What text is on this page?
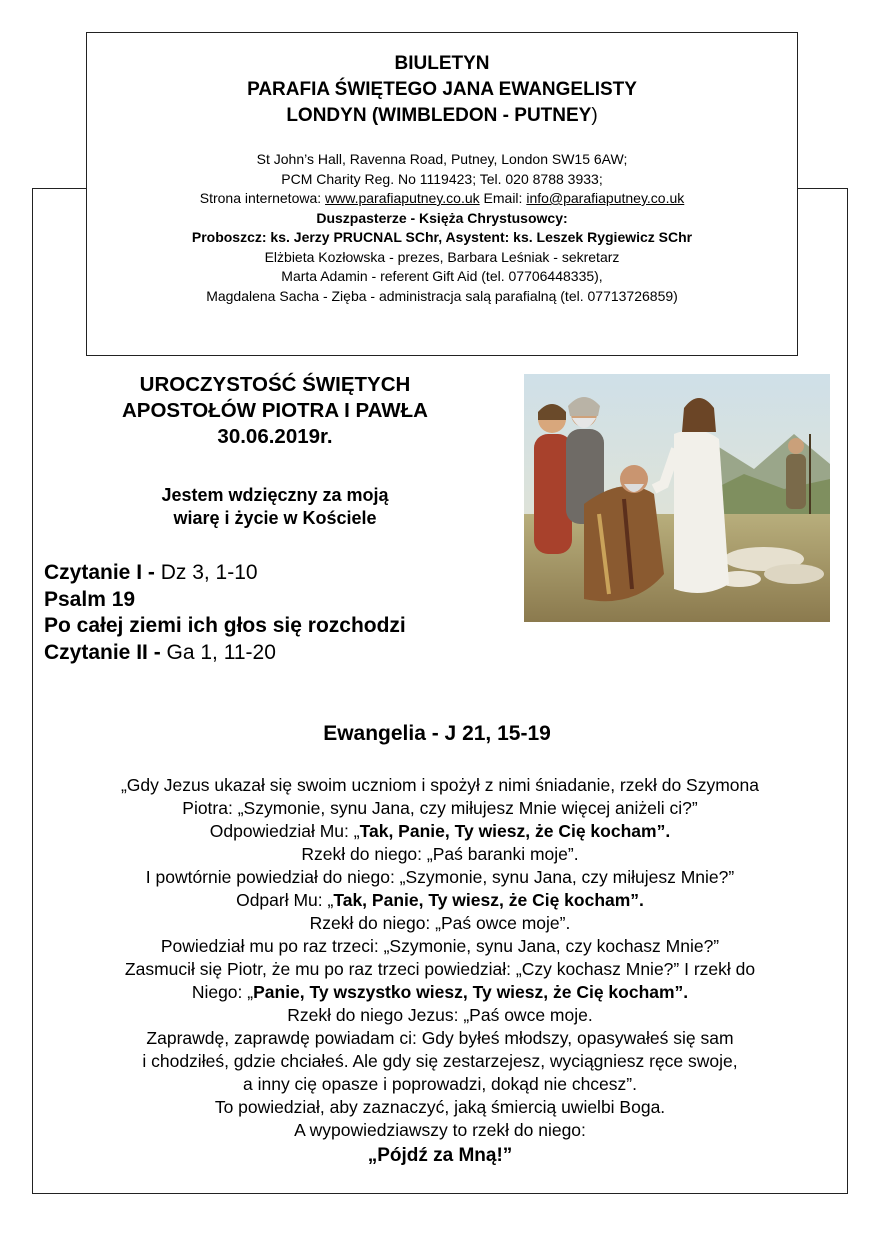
BIULETYN
PARAFIA ŚWIĘTEGO JANA EWANGELISTY
LONDYN (WIMBLEDON - PUTNEY)
St John’s Hall, Ravenna Road, Putney, London SW15 6AW;
PCM Charity Reg. No 1119423; Tel. 020 8788 3933;
Strona internetowa: www.parafiaputney.co.uk Email: info@parafiaputney.co.uk
Duszpasterze - Księża Chrystusowcy:
Proboszcz: ks. Jerzy PRUCNAL SChr, Asystent: ks. Leszek Rygiewicz SChr
Elżbieta Kozłowska - prezes, Barbara Leśniak - sekretarz
Marta Adamin - referent Gift Aid (tel. 07706448335),
Magdalena Sacha - Zięba - administracja salą parafialną (tel. 07713726859)
UROCZYSTOŚĆ ŚWIĘTYCH
APOSTOŁÓW PIOTRA I PAWŁA
30.06.2019r.
Jestem wdzięczny za moją
wiarę i życie w Kościele
Czytanie I - Dz 3, 1-10
Psalm 19
Po całej ziemi ich głos się rozchodzi
Czytanie II - Ga 1, 11-20
Ewangelia - J 21, 15-19
„Gdy Jezus ukazał się swoim uczniom i spożył z nimi śniadanie, rzekł do Szymona
Piotra: „Szymonie, synu Jana, czy miłujesz Mnie więcej aniżeli ci?”
Odpowiedział Mu: „Tak, Panie, Ty wiesz, że Cię kocham”.
Rzekł do niego: „Paś baranki moje”.
I powtórnie powiedział do niego: „Szymonie, synu Jana, czy miłujesz Mnie?”
Odparł Mu: „Tak, Panie, Ty wiesz, że Cię kocham”.
Rzekł do niego: „Paś owce moje”.
Powiedział mu po raz trzeci: „Szymonie, synu Jana, czy kochasz Mnie?”
Zasmucił się Piotr, że mu po raz trzeci powiedział: „Czy kochasz Mnie?” I rzekł do
Niego: „Panie, Ty wszystko wiesz, Ty wiesz, że Cię kocham”.
Rzekł do niego Jezus: „Paś owce moje.
Zaprawdę, zaprawdę powiadam ci: Gdy byłeś młodszy, opasywałeś się sam
i chodziłeś, gdzie chciałeś. Ale gdy się zestarzejesz, wyciągniesz ręce swoje,
a inny cię opasze i poprowadzi, dokąd nie chcesz”.
To powiedział, aby zaznaczyć, jaką śmiercią uwielbi Boga.
A wypowiedziawszy to rzekł do niego:
„Pójdź za Mną!”
